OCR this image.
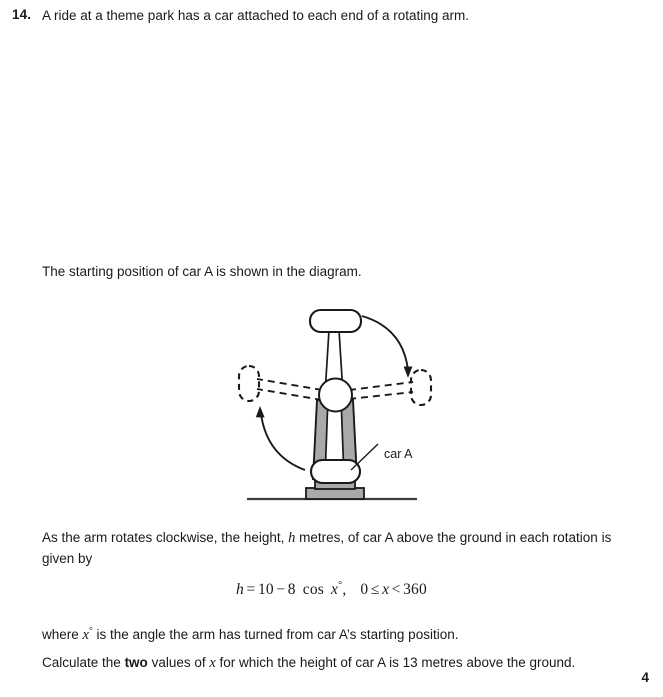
14. A ride at a theme park has a car attached to each end of a rotating arm.
The starting position of car A is shown in the diagram.
car A
As the arm rotates clockwise, the height, h metres, of car A above the ground in each rotation is given by
h = 10 − 8 cos x°, 0 ≤ x < 360
where x° is the angle the arm has turned from car A’s starting position.
Calculate the two values of x for which the height of car A is 13 metres above the ground.
4
